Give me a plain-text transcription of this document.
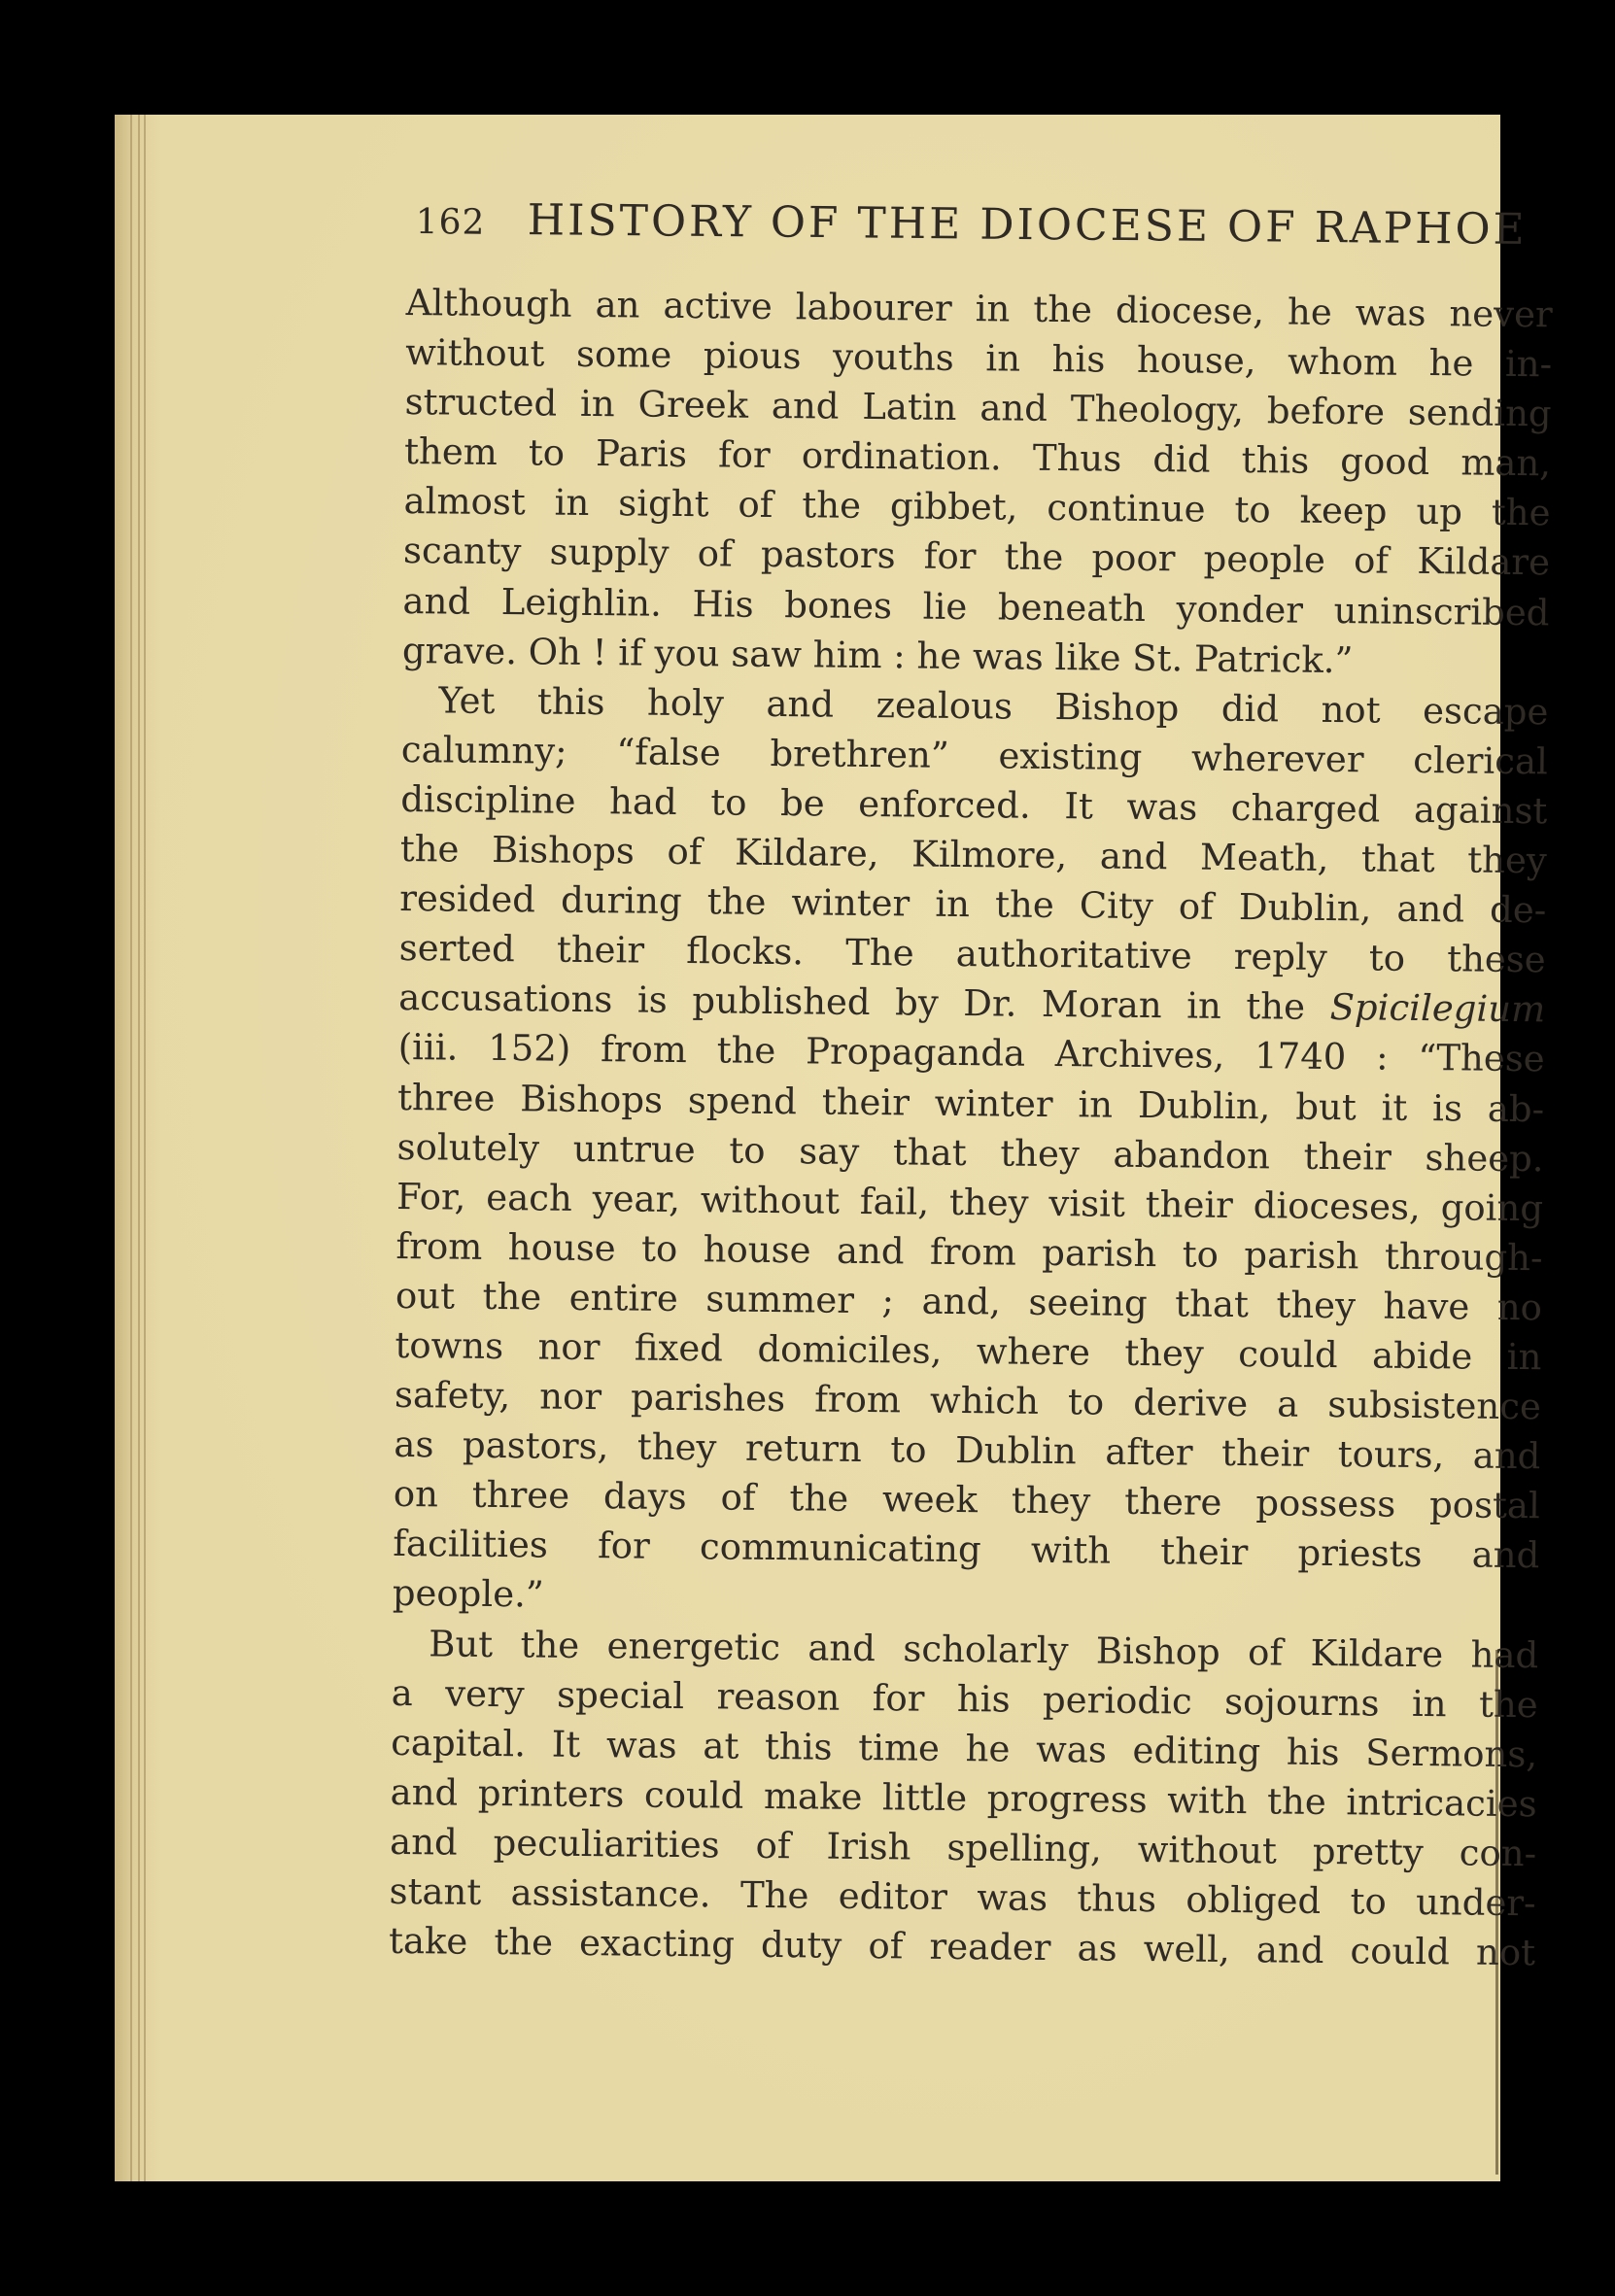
162 HISTORY OF THE DIOCESE OF RAPHOE
Although an active labourer in the diocese, he was never
without some pious youths in his house, whom he in-
structed in Greek and Latin and Theology, before sending
them to Paris for ordination. Thus did this good man,
almost in sight of the gibbet, continue to keep up the
scanty supply of pastors for the poor people of Kildare
and Leighlin. His bones lie beneath yonder uninscribed
grave. Oh ! if you saw him : he was like St. Patrick.”
Yet this holy and zealous Bishop did not escape
calumny; “false brethren” existing wherever clerical
discipline had to be enforced. It was charged against
the Bishops of Kildare, Kilmore, and Meath, that they
resided during the winter in the City of Dublin, and de-
serted their flocks. The authoritative reply to these
accusations is published by Dr. Moran in the Spicilegium
(iii. 152) from the Propaganda Archives, 1740 : “These
three Bishops spend their winter in Dublin, but it is ab-
solutely untrue to say that they abandon their sheep.
For, each year, without fail, they visit their dioceses, going
from house to house and from parish to parish through-
out the entire summer ; and, seeing that they have no
towns nor fixed domiciles, where they could abide in
safety, nor parishes from which to derive a subsistence
as pastors, they return to Dublin after their tours, and
on three days of the week they there possess postal
facilities for communicating with their priests and
people.”
But the energetic and scholarly Bishop of Kildare had
a very special reason for his periodic sojourns in the
capital. It was at this time he was editing his Sermons,
and printers could make little progress with the intricacies
and peculiarities of Irish spelling, without pretty con-
stant assistance. The editor was thus obliged to under-
take the exacting duty of reader as well, and could not
